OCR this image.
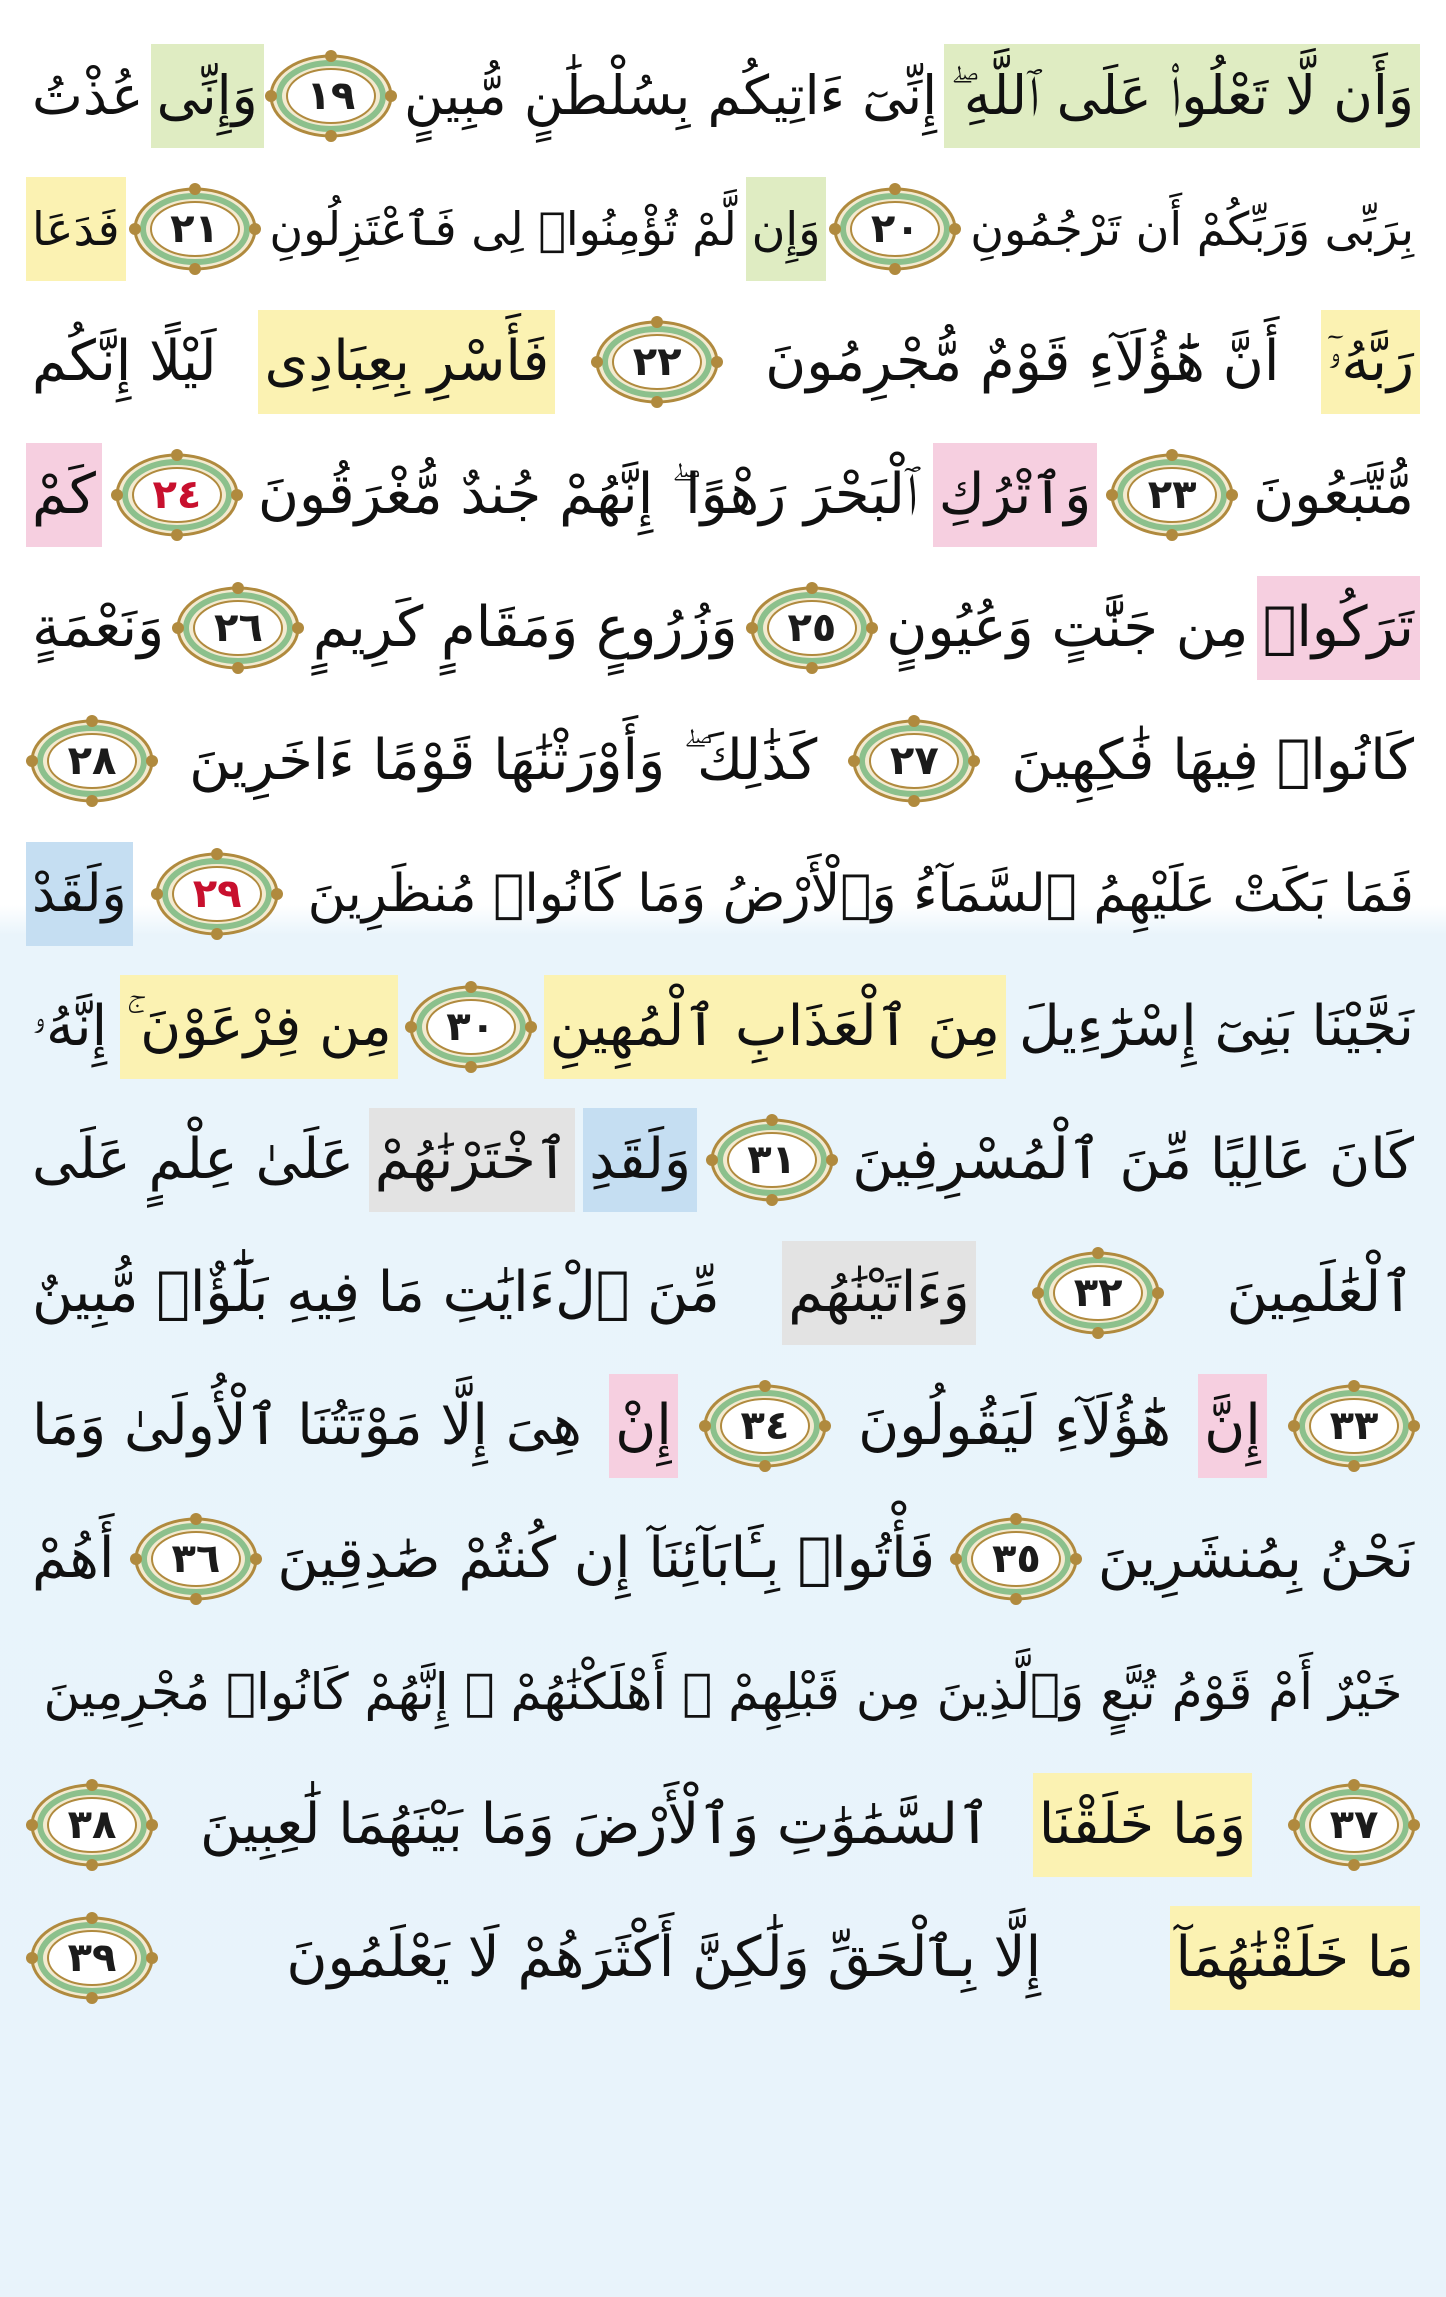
وَأَن لَّا تَعْلُوا۟ عَلَى ٱللَّهِ ۖ
إِنِّىٓ ءَاتِيكُم بِسُلْطَٰنٍ مُّبِينٍ
١٩
وَإِنِّى
عُذْتُ
بِرَبِّى وَرَبِّكُمْ أَن تَرْجُمُونِ
٢٠
وَإِن
لَّمْ تُؤْمِنُوا۟ لِى فَٱعْتَزِلُونِ
٢١
فَدَعَا
رَبَّهُۥٓ
أَنَّ هَٰٓؤُلَآءِ قَوْمٌ مُّجْرِمُونَ
٢٢
فَأَسْرِ بِعِبَادِى
لَيْلًا إِنَّكُم
مُّتَّبَعُونَ
٢٣
وَٱتْرُكِ
ٱلْبَحْرَ رَهْوًا ۖ إِنَّهُمْ جُندٌ مُّغْرَقُونَ
٢٤
كَمْ
تَرَكُوا۟
مِن جَنَّٰتٍ وَعُيُونٍ
٢٥
وَزُرُوعٍ وَمَقَامٍ كَرِيمٍ
٢٦
وَنَعْمَةٍ
كَانُوا۟ فِيهَا فَٰكِهِينَ
٢٧
كَذَٰلِكَ ۖ وَأَوْرَثْنَٰهَا قَوْمًا ءَاخَرِينَ
٢٨
فَمَا بَكَتْ عَلَيْهِمُ ٱلسَّمَآءُ وَٱلْأَرْضُ وَمَا كَانُوا۟ مُنظَرِينَ
٢٩
وَلَقَدْ
نَجَّيْنَا بَنِىٓ إِسْرَٰٓءِيلَ
مِنَ ٱلْعَذَابِ ٱلْمُهِينِ
٣٠
مِن فِرْعَوْنَ ۚ
إِنَّهُۥ
كَانَ عَالِيًا مِّنَ ٱلْمُسْرِفِينَ
٣١
وَلَقَدِ
ٱخْتَرْنَٰهُمْ
عَلَىٰ عِلْمٍ عَلَى
ٱلْعَٰلَمِينَ
٣٢
وَءَاتَيْنَٰهُم
مِّنَ ٱلْءَايَٰتِ مَا فِيهِ بَلَٰٓؤٌا۟ مُّبِينٌ
٣٣
إِنَّ
هَٰٓؤُلَآءِ لَيَقُولُونَ
٣٤
إِنْ
هِىَ إِلَّا مَوْتَتُنَا ٱلْأُولَىٰ وَمَا
نَحْنُ بِمُنشَرِينَ
٣٥
فَأْتُوا۟ بِـَٔابَآئِنَآ إِن كُنتُمْ صَٰدِقِينَ
٣٦
أَهُمْ
خَيْرٌ أَمْ قَوْمُ تُبَّعٍ وَٱلَّذِينَ مِن قَبْلِهِمْ ۚ أَهْلَكْنَٰهُمْ ۖ إِنَّهُمْ كَانُوا۟ مُجْرِمِينَ
٣٧
وَمَا خَلَقْنَا
ٱلسَّمَٰوَٰتِ وَٱلْأَرْضَ وَمَا بَيْنَهُمَا لَٰعِبِينَ
٣٨
مَا خَلَقْنَٰهُمَآ
إِلَّا بِٱلْحَقِّ وَلَٰكِنَّ أَكْثَرَهُمْ لَا يَعْلَمُونَ
٣٩
